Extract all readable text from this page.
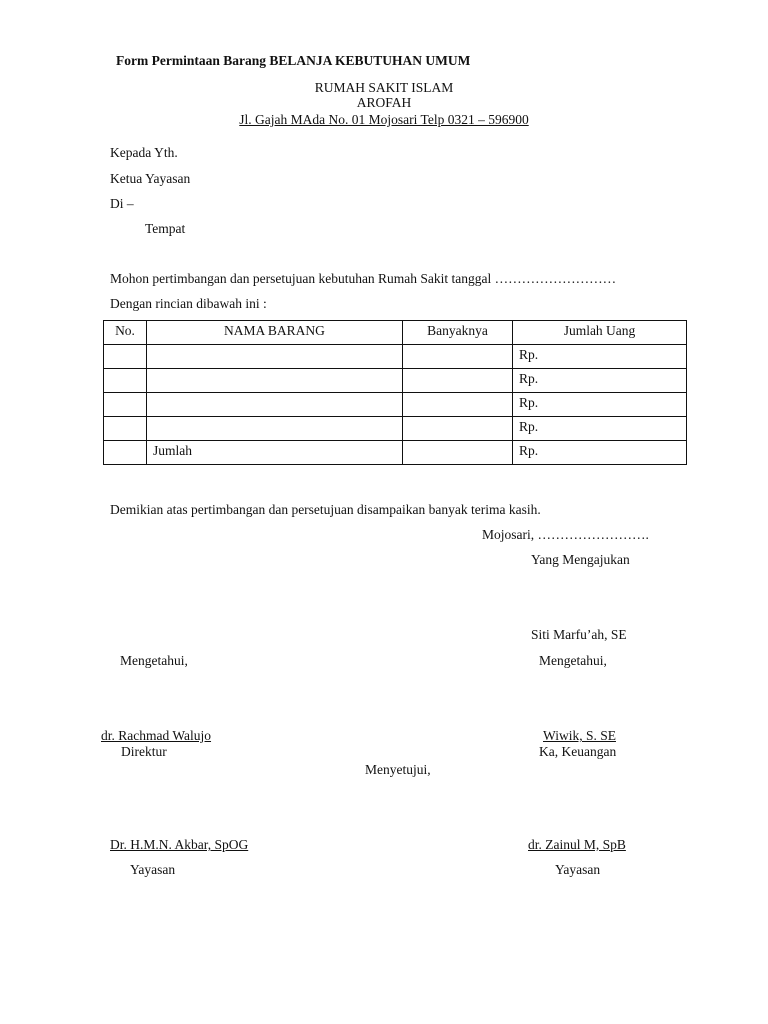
Form Permintaan Barang BELANJA KEBUTUHAN UMUM
RUMAH SAKIT ISLAM
AROFAH
Jl. Gajah MAda No. 01 Mojosari Telp 0321 – 596900
Kepada Yth.
Ketua Yayasan
Di –
Tempat
Mohon pertimbangan dan persetujuan kebutuhan Rumah Sakit tanggal ………………………
Dengan rincian dibawah ini :
No.	NAMA BARANG	Banyaknya	Jumlah Uang
			Rp.
			Rp.
			Rp.
			Rp.
	Jumlah		Rp.
Demikian atas pertimbangan dan persetujuan disampaikan banyak terima kasih.
Mojosari, …………………….
Yang Mengajukan
Siti Marfu’ah, SE
Mengetahui,	Mengetahui,
dr. Rachmad Walujo
Direktur
Wiwik, S. SE
Ka, Keuangan
Menyetujui,
Dr. H.M.N. Akbar, SpOG
Yayasan
dr. Zainul M, SpB
Yayasan
